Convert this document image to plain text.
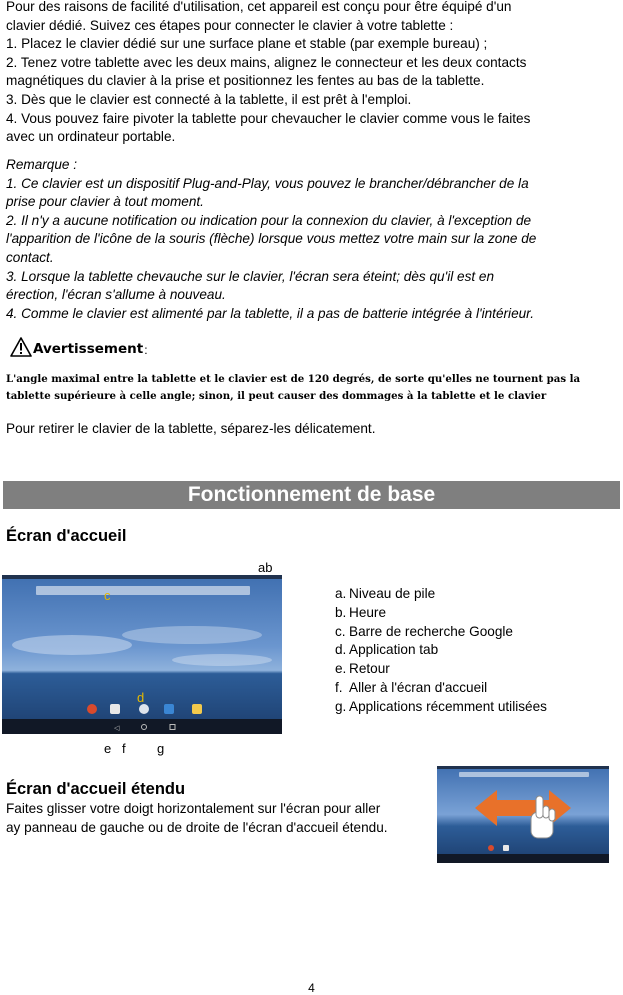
Pour des raisons de facilité d'utilisation, cet appareil est conçu pour être équipé d'un
clavier dédié. Suivez ces étapes pour connecter le clavier à votre tablette :
1. Placez le clavier dédié sur une surface plane et stable (par exemple bureau) ;
2. Tenez votre tablette avec les deux mains, alignez le connecteur et les deux contacts
magnétiques du clavier à la prise et positionnez les fentes au bas de la tablette.
3. Dès que le clavier est connecté à la tablette, il est prêt à l'emploi.
4. Vous pouvez faire pivoter la tablette pour chevaucher le clavier comme vous le faites
avec un ordinateur portable.
Remarque :
1. Ce clavier est un dispositif Plug-and-Play, vous pouvez le brancher/débrancher de la
prise pour clavier à tout moment.
2. Il n'y a aucune notification ou indication pour la connexion du clavier, à l'exception de
l'apparition de l'icône de la souris (flèche) lorsque vous mettez votre main sur la zone de
contact.
3. Lorsque la tablette chevauche sur le clavier, l'écran sera éteint; dès qu'il est en
érection, l'écran s'allume à nouveau.
4. Comme le clavier est alimenté par la tablette, il a pas de batterie intégrée à l'intérieur.
Avertissement :
L'angle maximal entre la tablette et le clavier est de 120 degrés, de sorte qu'elles ne tournent pas la
tablette supérieure à celle angle; sinon, il peut causer des dommages à la tablette et le clavier
Pour retirer le clavier de la tablette, séparez-les délicatement.
Fonctionnement de base
Écran d'accueil
ab
◁
c
d
a. Niveau de pile
b. Heure
c. Barre de recherche Google
d. Application tab
e. Retour
f. Aller à l'écran d'accueil
g. Applications récemment utilisées
e f g
Écran d'accueil étendu
Faites glisser votre doigt horizontalement sur l'écran pour aller
ay panneau de gauche ou de droite de l'écran d'accueil étendu.
4
